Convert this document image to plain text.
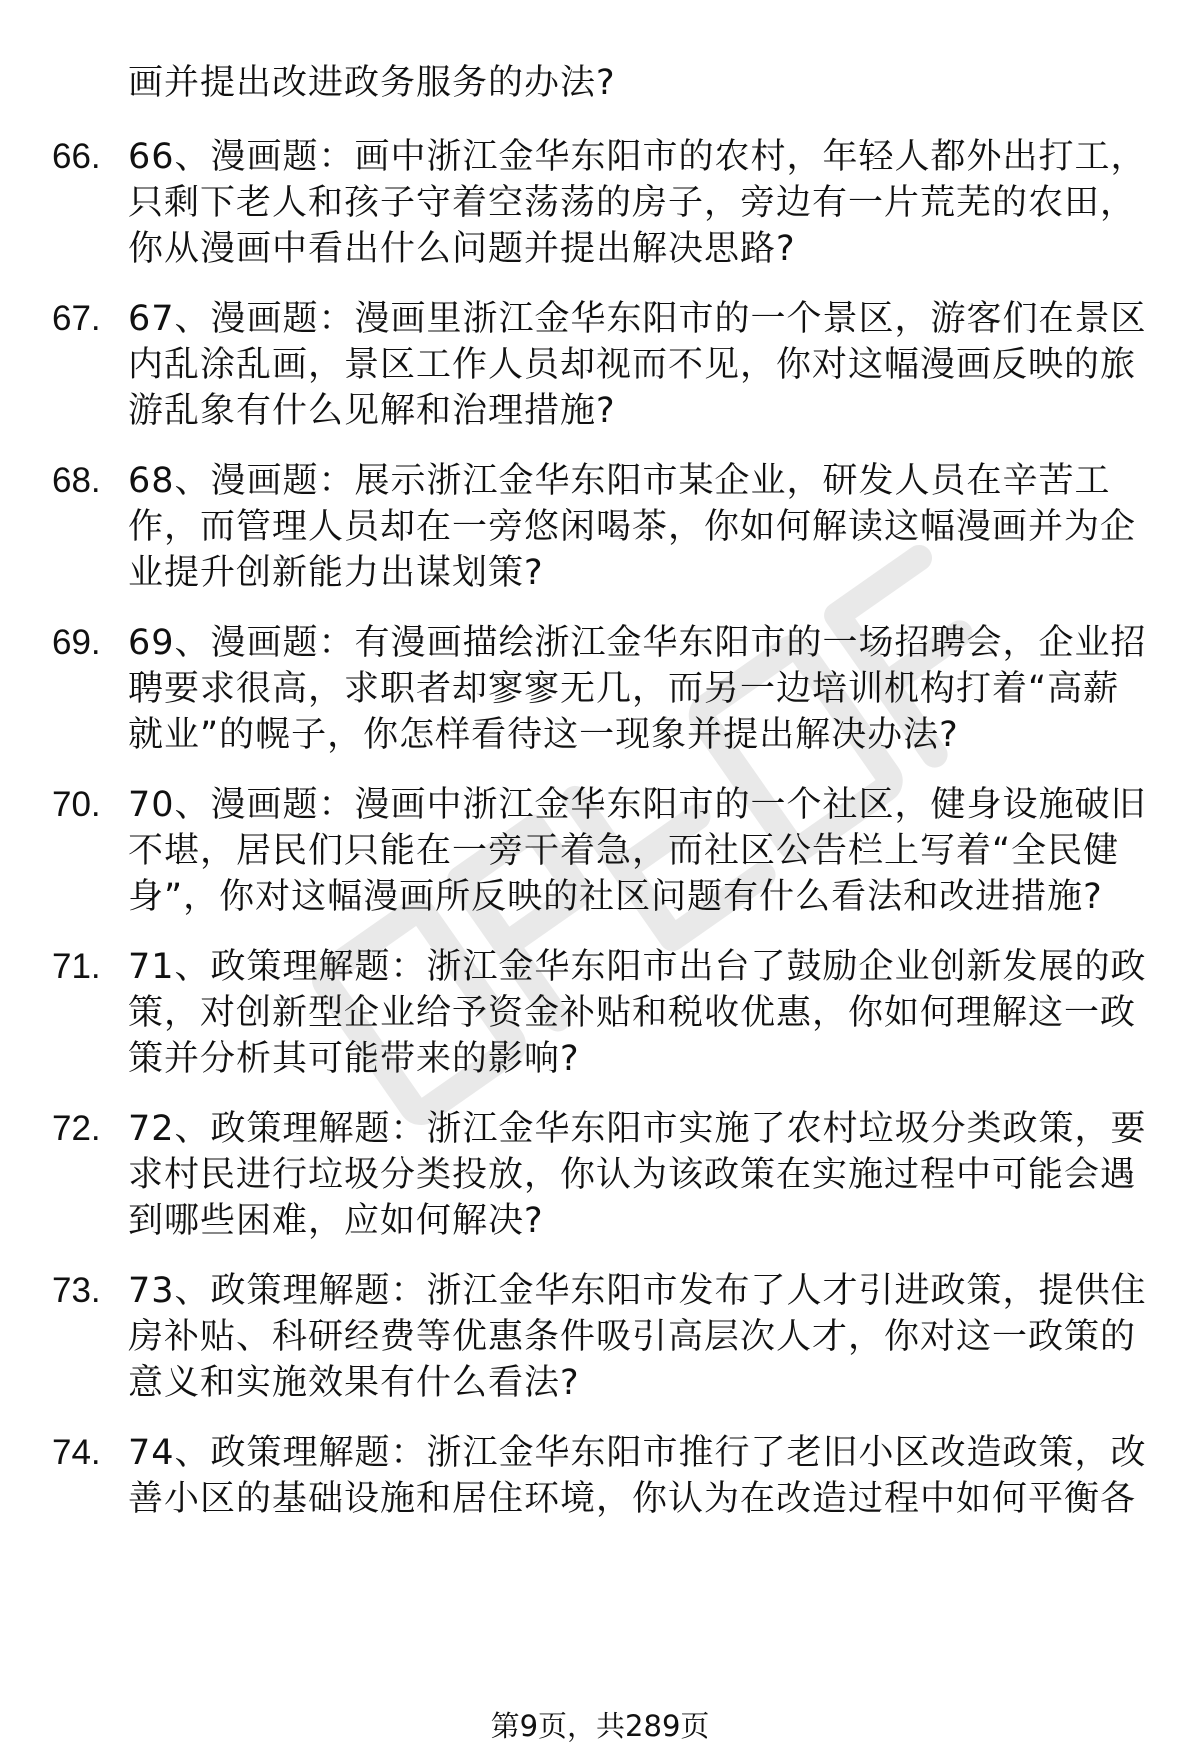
画并提出改进政务服务的办法?
66. 66、漫画题：画中浙江金华东阳市的农村，年轻人都外出打工，
只剩下老人和孩子守着空荡荡的房子，旁边有一片荒芜的农田，
你从漫画中看出什么问题并提出解决思路?
67. 67、漫画题：漫画里浙江金华东阳市的一个景区，游客们在景区
内乱涂乱画，景区工作人员却视而不见，你对这幅漫画反映的旅
游乱象有什么见解和治理措施?
68. 68、漫画题：展示浙江金华东阳市某企业，研发人员在辛苦工
作，而管理人员却在一旁悠闲喝茶，你如何解读这幅漫画并为企
业提升创新能力出谋划策?
69. 69、漫画题：有漫画描绘浙江金华东阳市的一场招聘会，企业招
聘要求很高，求职者却寥寥无几，而另一边培训机构打着“高薪
就业”的幌子，你怎样看待这一现象并提出解决办法?
70. 70、漫画题：漫画中浙江金华东阳市的一个社区，健身设施破旧
不堪，居民们只能在一旁干着急，而社区公告栏上写着“全民健
身”，你对这幅漫画所反映的社区问题有什么看法和改进措施?
71. 71、政策理解题：浙江金华东阳市出台了鼓励企业创新发展的政
策，对创新型企业给予资金补贴和税收优惠，你如何理解这一政
策并分析其可能带来的影响?
72. 72、政策理解题：浙江金华东阳市实施了农村垃圾分类政策，要
求村民进行垃圾分类投放，你认为该政策在实施过程中可能会遇
到哪些困难，应如何解决?
73. 73、政策理解题：浙江金华东阳市发布了人才引进政策，提供住
房补贴、科研经费等优惠条件吸引高层次人才，你对这一政策的
意义和实施效果有什么看法?
74. 74、政策理解题：浙江金华东阳市推行了老旧小区改造政策，改
善小区的基础设施和居住环境，你认为在改造过程中如何平衡各
第9页，共289页
